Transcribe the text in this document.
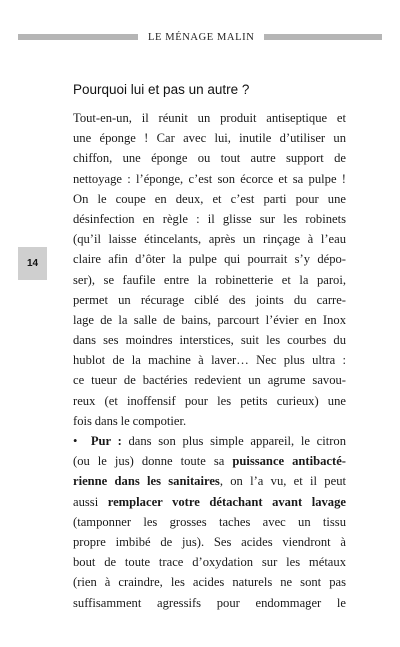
LE MÉNAGE MALIN
Pourquoi lui et pas un autre ?
14
Tout-en-un, il réunit un produit antiseptique et
une éponge ! Car avec lui, inutile d’utiliser un
chiffon, une éponge ou tout autre support de
nettoyage : l’éponge, c’est son écorce et sa pulpe !
On le coupe en deux, et c’est parti pour une
désinfection en règle : il glisse sur les robinets
(qu’il laisse étincelants, après un rinçage à l’eau
claire afin d’ôter la pulpe qui pourrait s’y dépo-
ser), se faufile entre la robinetterie et la paroi,
permet un récurage ciblé des joints du carre-
lage de la salle de bains, parcourt l’évier en Inox
dans ses moindres interstices, suit les courbes du
hublot de la machine à laver… Nec plus ultra :
ce tueur de bactéries redevient un agrume savou-
reux (et inoffensif pour les petits curieux) une
fois dans le compotier.
• Pur : dans son plus simple appareil, le citron
(ou le jus) donne toute sa puissance antibacté-
rienne dans les sanitaires, on l’a vu, et il peut
aussi remplacer votre détachant avant lavage
(tamponner les grosses taches avec un tissu
propre imbibé de jus). Ses acides viendront à
bout de toute trace d’oxydation sur les métaux
(rien à craindre, les acides naturels ne sont pas
suffisamment agressifs pour endommager le
